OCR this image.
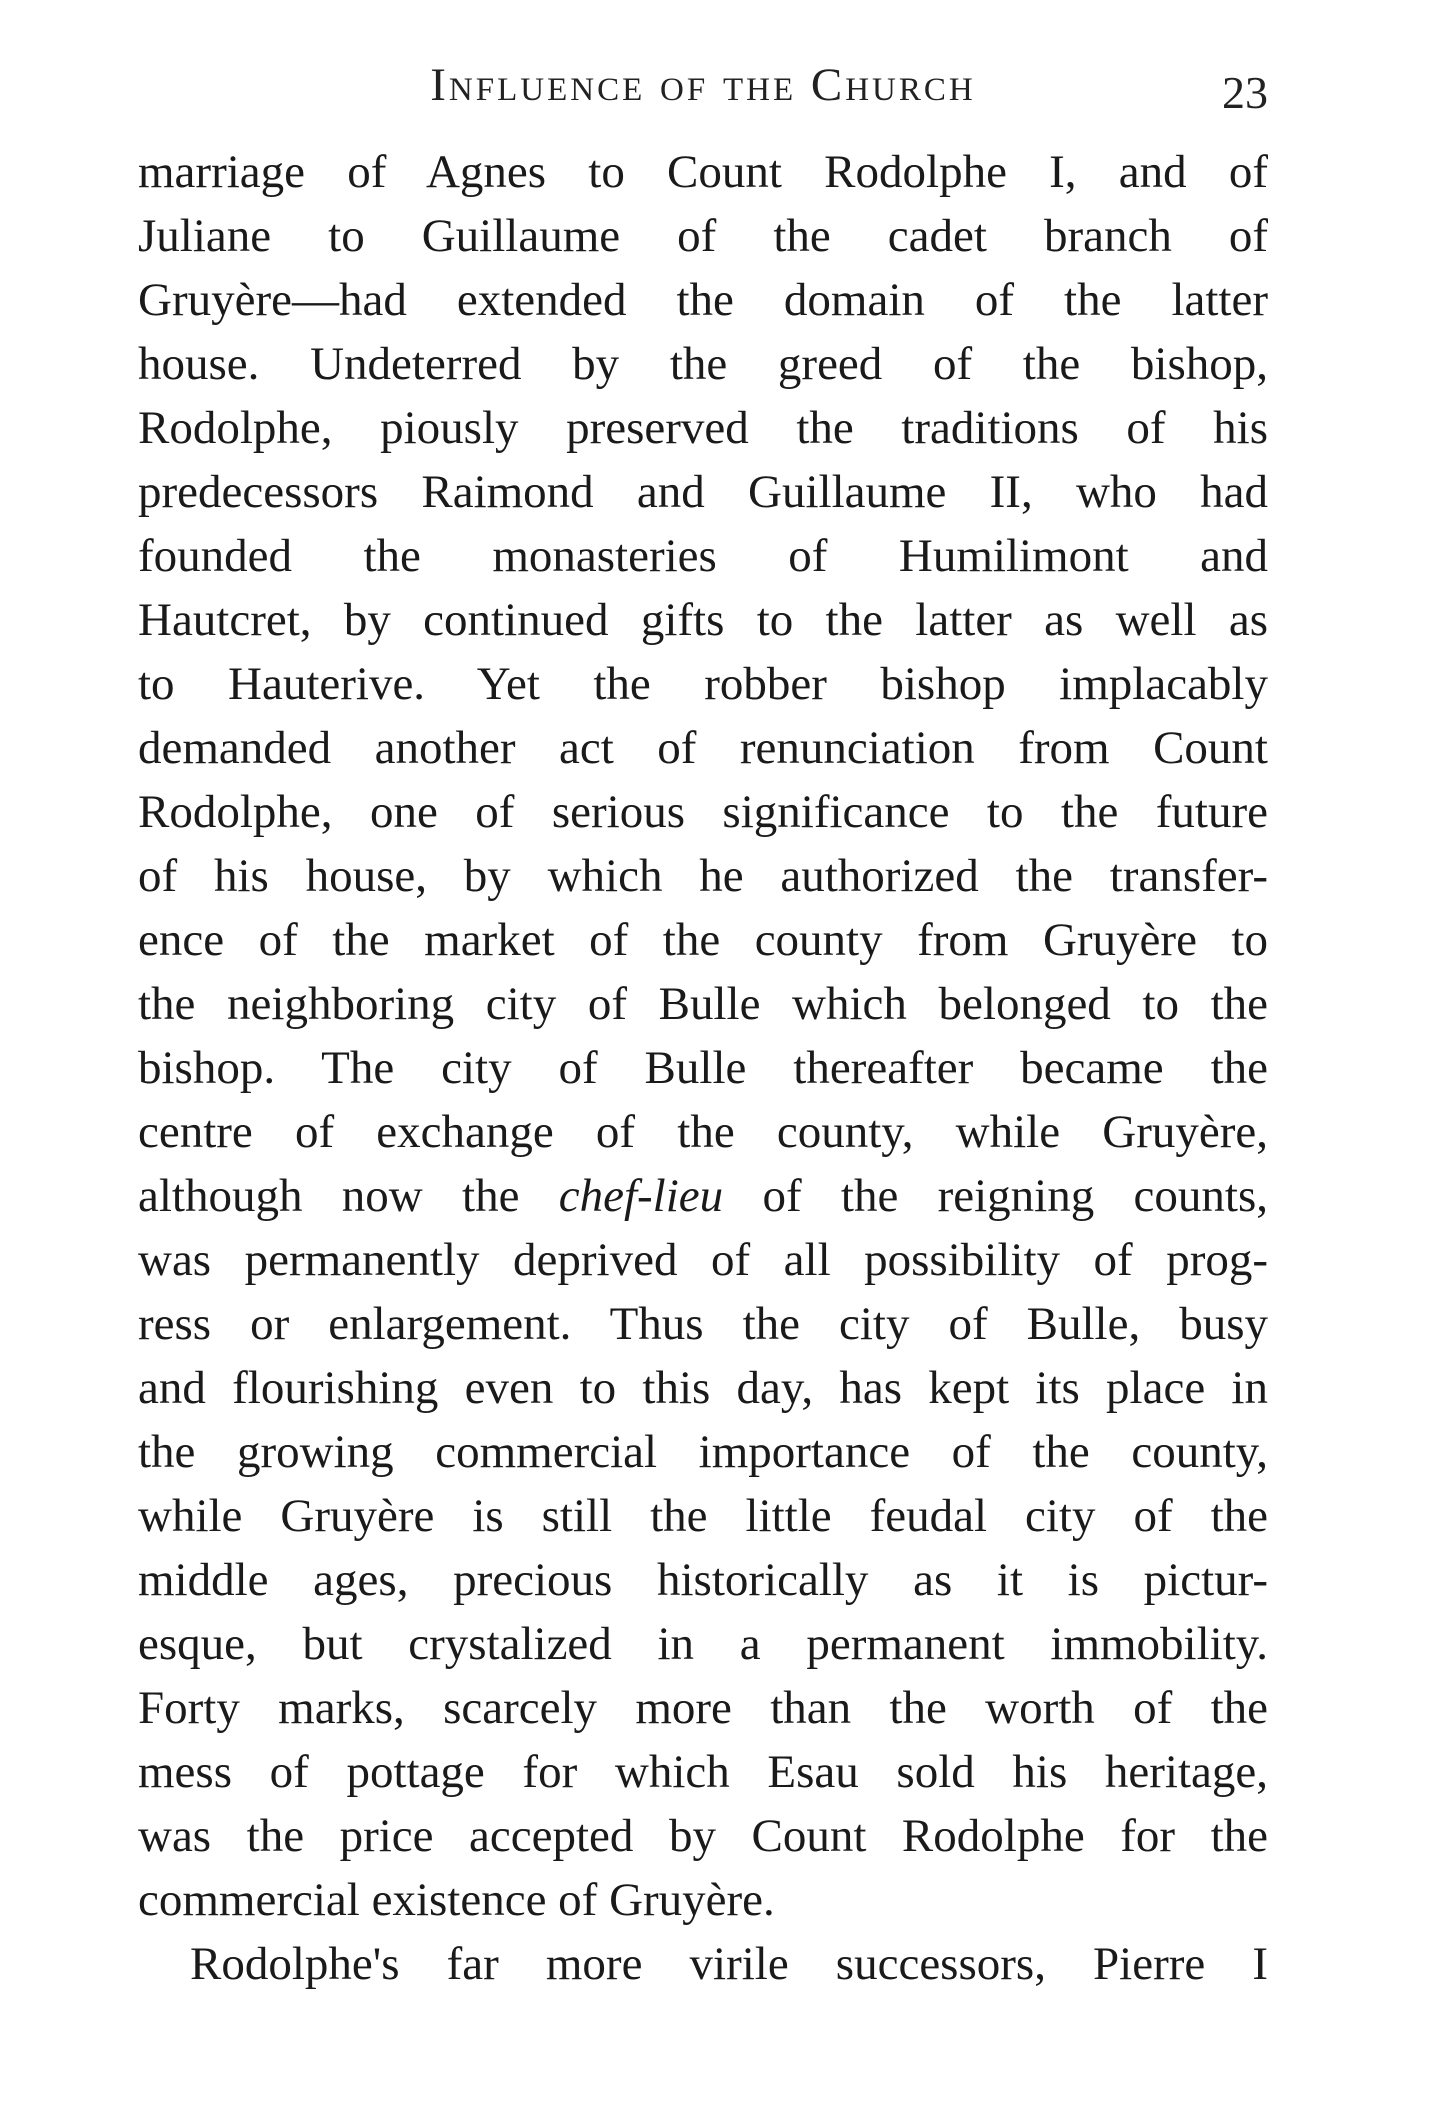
Influence of the Church	23
marriage of Agnes to Count Rodolphe I, and of
Juliane to Guillaume of the cadet branch of
Gruyère—had extended the domain of the latter
house. Undeterred by the greed of the bishop,
Rodolphe, piously preserved the traditions of his
predecessors Raimond and Guillaume II, who had
founded the monasteries of Humilimont and
Hautcret, by continued gifts to the latter as well as
to Hauterive. Yet the robber bishop implacably
demanded another act of renunciation from Count
Rodolphe, one of serious significance to the future
of his house, by which he authorized the transfer-
ence of the market of the county from Gruyère to
the neighboring city of Bulle which belonged to the
bishop. The city of Bulle thereafter became the
centre of exchange of the county, while Gruyère,
although now the chef-lieu of the reigning counts,
was permanently deprived of all possibility of prog-
ress or enlargement. Thus the city of Bulle, busy
and flourishing even to this day, has kept its place in
the growing commercial importance of the county,
while Gruyère is still the little feudal city of the
middle ages, precious historically as it is pictur-
esque, but crystalized in a permanent immobility.
Forty marks, scarcely more than the worth of the
mess of pottage for which Esau sold his heritage,
was the price accepted by Count Rodolphe for the
commercial existence of Gruyère.
Rodolphe's far more virile successors, Pierre I
